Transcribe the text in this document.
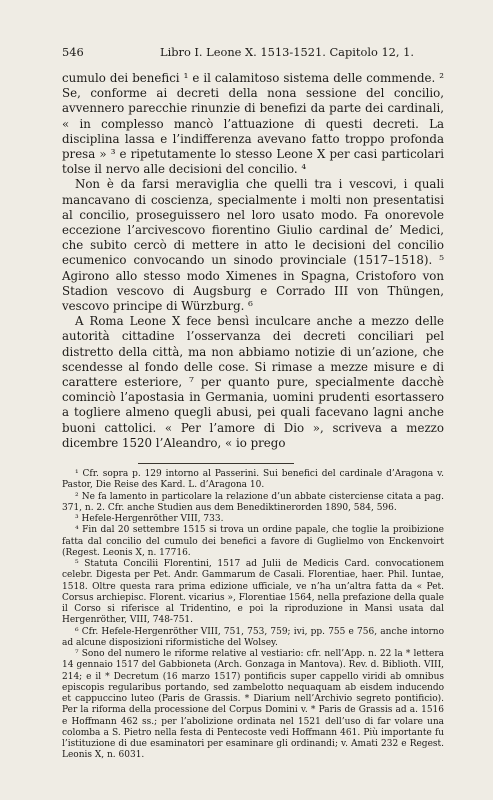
546	Libro I. Leone X. 1513-1521. Capitolo 12, 1.

cumulo dei benefici ¹ e il calamitoso sistema delle commende. ² Se, conforme ai decreti della nona sessione del concilio, avvennero parecchie rinunzie di benefizi da parte dei cardinali, « in complesso mancò l’attuazione di questi decreti. La disciplina lassa e l’indifferenza avevano fatto troppo profonda presa » ³ e ripetutamente lo stesso Leone X per casi particolari tolse il nervo alle decisioni del concilio. ⁴

Non è da farsi meraviglia che quelli tra i vescovi, i quali mancavano di coscienza, specialmente i molti non presentatisi al concilio, proseguissero nel loro usato modo. Fa onorevole eccezione l’arcivescovo fiorentino Giulio cardinal de’ Medici, che subito cercò di mettere in atto le decisioni del concilio ecumenico convocando un sinodo provinciale (1517–1518). ⁵ Agirono allo stesso modo Ximenes in Spagna, Cristoforo von Stadion vescovo di Augsburg e Corrado III von Thüngen, vescovo principe di Würzburg. ⁶

A Roma Leone X fece bensì inculcare anche a mezzo delle autorità cittadine l’osservanza dei decreti conciliari pel distretto della città, ma non abbiamo notizie di un’azione, che scendesse al fondo delle cose. Si rimase a mezze misure e di carattere esteriore, ⁷ per quanto pure, specialmente dacchè cominciò l’apostasia in Germania, uomini prudenti esortassero a togliere almeno quegli abusi, pei quali facevano lagni anche buoni cattolici. « Per l’amore di Dio », scriveva a mezzo dicembre 1520 l’Aleandro, « io prego

¹ Cfr. sopra p. 129 intorno al Passerini. Sui benefici del cardinale d’Aragona v. Pastor, Die Reise des Kard. L. d’Aragona 10.

² Ne fa lamento in particolare la relazione d’un abbate cisterciense citata a pag. 371, n. 2. Cfr. anche Studien aus dem Benediktinerorden 1890, 584, 596.

³ Hefele-Hergenröther VIII, 733.

⁴ Fin dal 20 settembre 1515 si trova un ordine papale, che toglie la proibizione fatta dal concilio del cumulo dei benefici a favore di Guglielmo von Enckenvoirt (Regest. Leonis X, n. 17716.

⁵ Statuta Concilii Florentini, 1517 ad Julii de Medicis Card. convocationem celebr. Digesta per Pet. Andr. Gammarum de Casali. Florentiae, haer. Phil. Iuntae, 1518. Oltre questa rara prima edizione ufficiale, ve n’ha un’altra fatta da « Pet. Corsus archiepisc. Florent. vicarius », Florentiae 1564, nella prefazione della quale il Corso si riferisce al Tridentino, e poi la riproduzione in Mansi usata dal Hergenröther, VIII, 748-751.

⁶ Cfr. Hefele-Hergenröther VIII, 751, 753, 759; ivi, pp. 755 e 756, anche intorno ad alcune disposizioni riformistiche del Wolsey.

⁷ Sono del numero le riforme relative al vestiario: cfr. nell’App. n. 22 la * lettera 14 gennaio 1517 del Gabbioneta (Arch. Gonzaga in Mantova). Rev. d. Biblioth. VIII, 214; e il * Decretum (16 marzo 1517) pontificis super cappello viridi ab omnibus episcopis regularibus portando, sed zambelotto nequaquam ab eisdem inducendo et cappuccino luteo (Paris de Grassis. * Diarium nell’Archivio segreto pontificio). Per la riforma della processione del Corpus Domini v. * Paris de Grassis ad a. 1516 e Hoffmann 462 ss.; per l’abolizione ordinata nel 1521 dell’uso di far volare una colomba a S. Pietro nella festa di Pentecoste vedi Hoffmann 461. Più importante fu l’istituzione di due esaminatori per esaminare gli ordinandi; v. Amati 232 e Regest. Leonis X, n. 6031.
